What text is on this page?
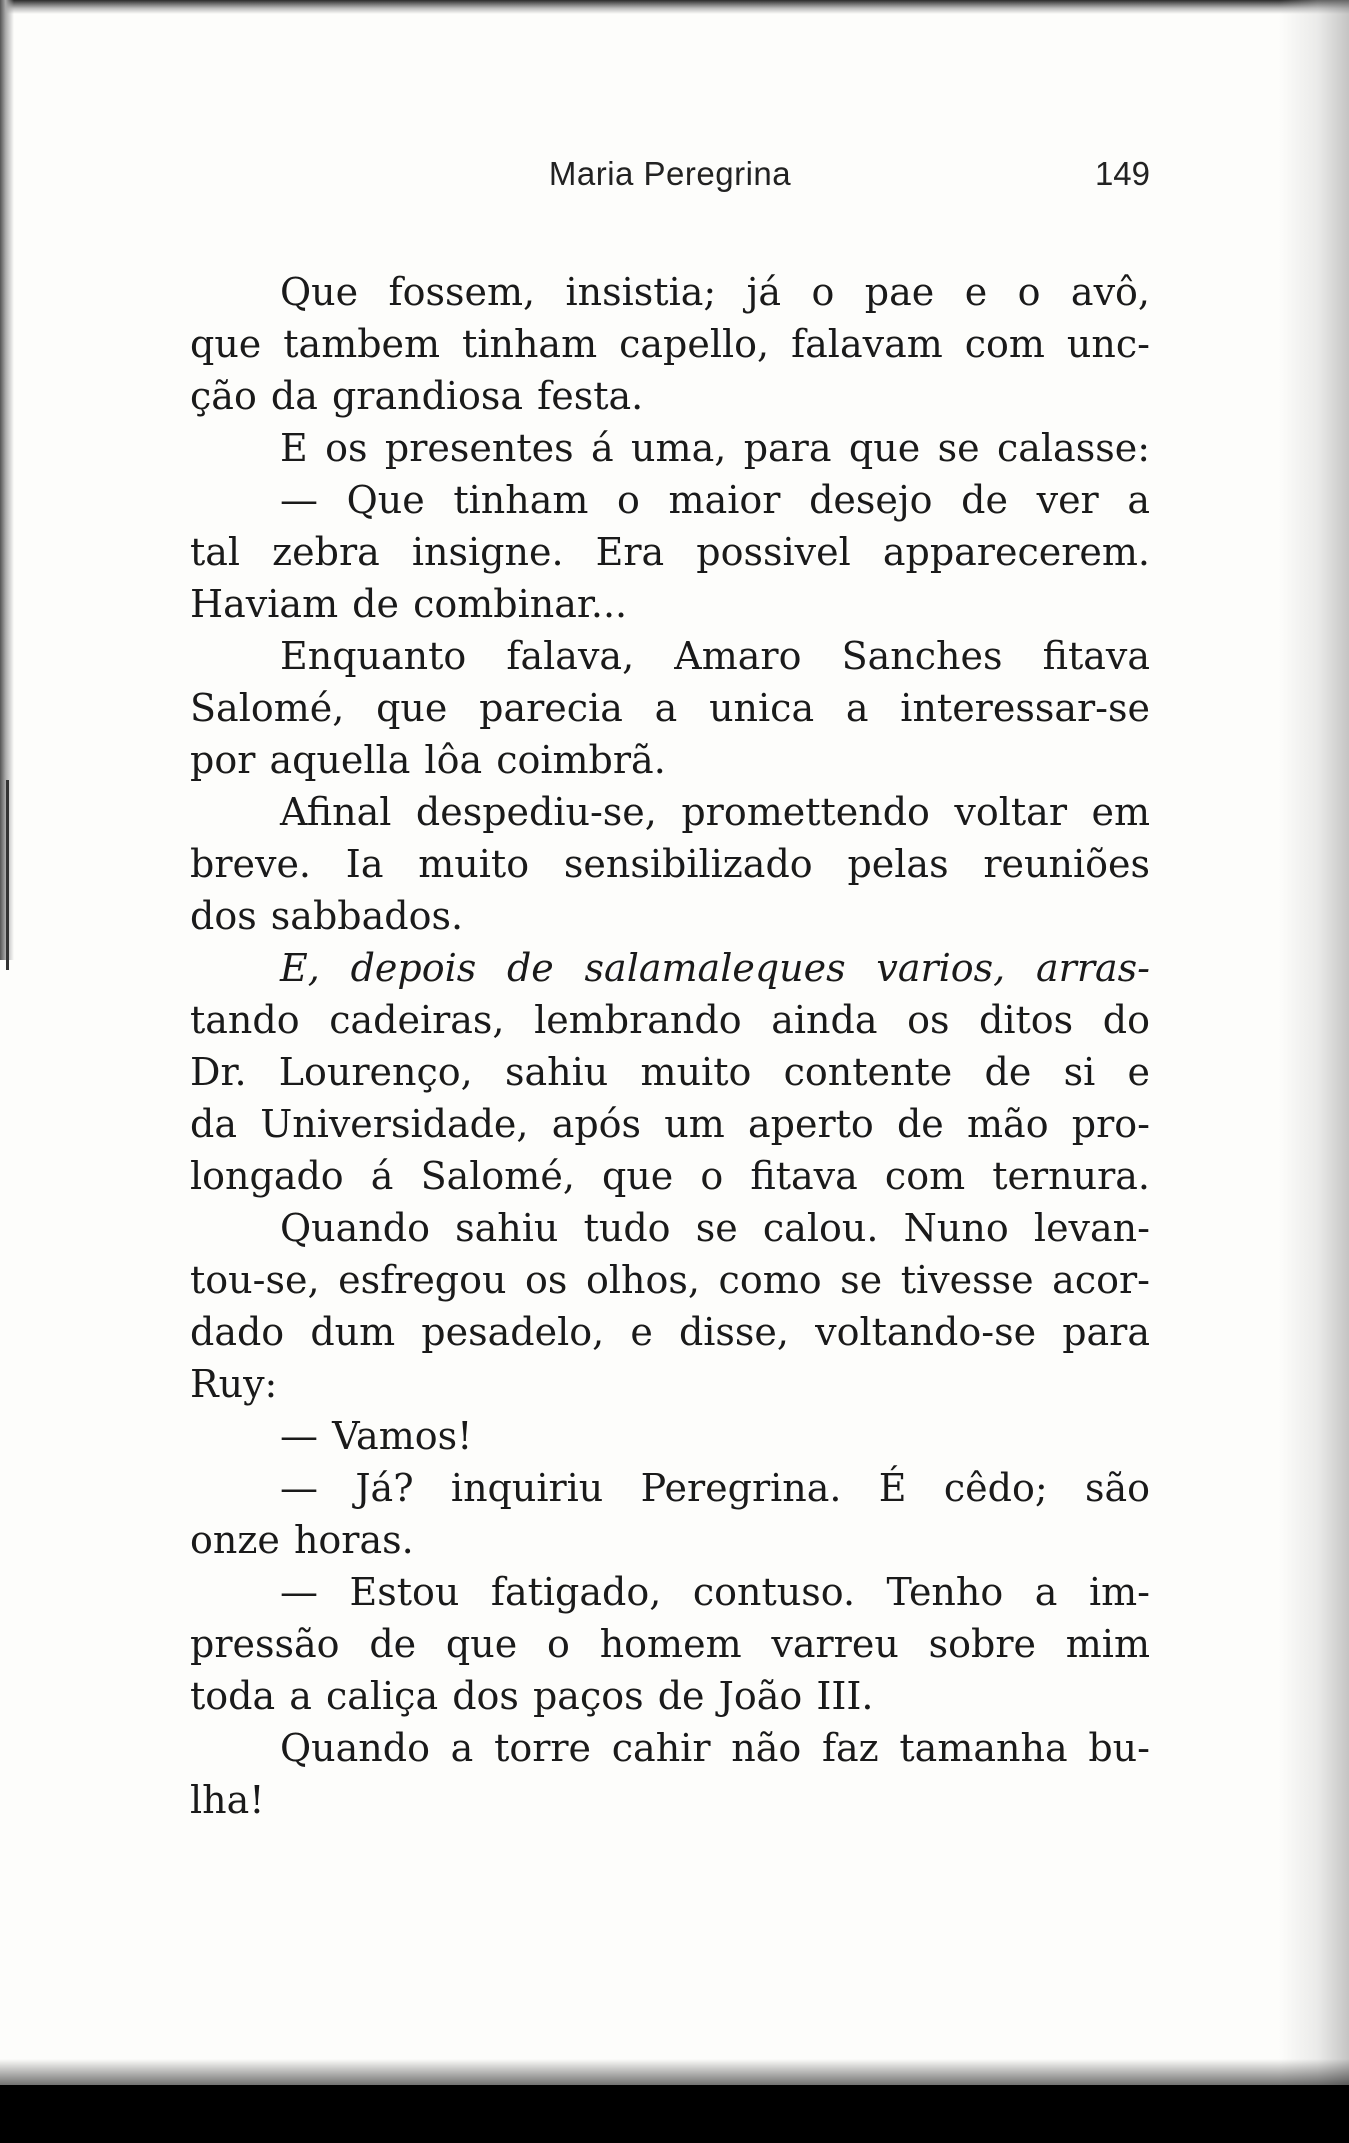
Maria Peregrina	149
Que fossem, insistia; já o pae e o avô,
que tambem tinham capello, falavam com unc-
ção da grandiosa festa.
E os presentes á uma, para que se calasse:
— Que tinham o maior desejo de ver a
tal zebra insigne. Era possivel apparecerem.
Haviam de combinar...
Enquanto falava, Amaro Sanches fitava
Salomé, que parecia a unica a interessar-se
por aquella lôa coimbrã.
Afinal despediu-se, promettendo voltar em
breve. Ia muito sensibilizado pelas reuniões
dos sabbados.
E, depois de salamaleques varios, arras-
tando cadeiras, lembrando ainda os ditos do
Dr. Lourenço, sahiu muito contente de si e
da Universidade, após um aperto de mão pro-
longado á Salomé, que o fitava com ternura.
Quando sahiu tudo se calou. Nuno levan-
tou-se, esfregou os olhos, como se tivesse acor-
dado dum pesadelo, e disse, voltando-se para
Ruy:
— Vamos!
— Já? inquiriu Peregrina. É cêdo; são
onze horas.
— Estou fatigado, contuso. Tenho a im-
pressão de que o homem varreu sobre mim
toda a caliça dos paços de João III.
Quando a torre cahir não faz tamanha bu-
lha!
